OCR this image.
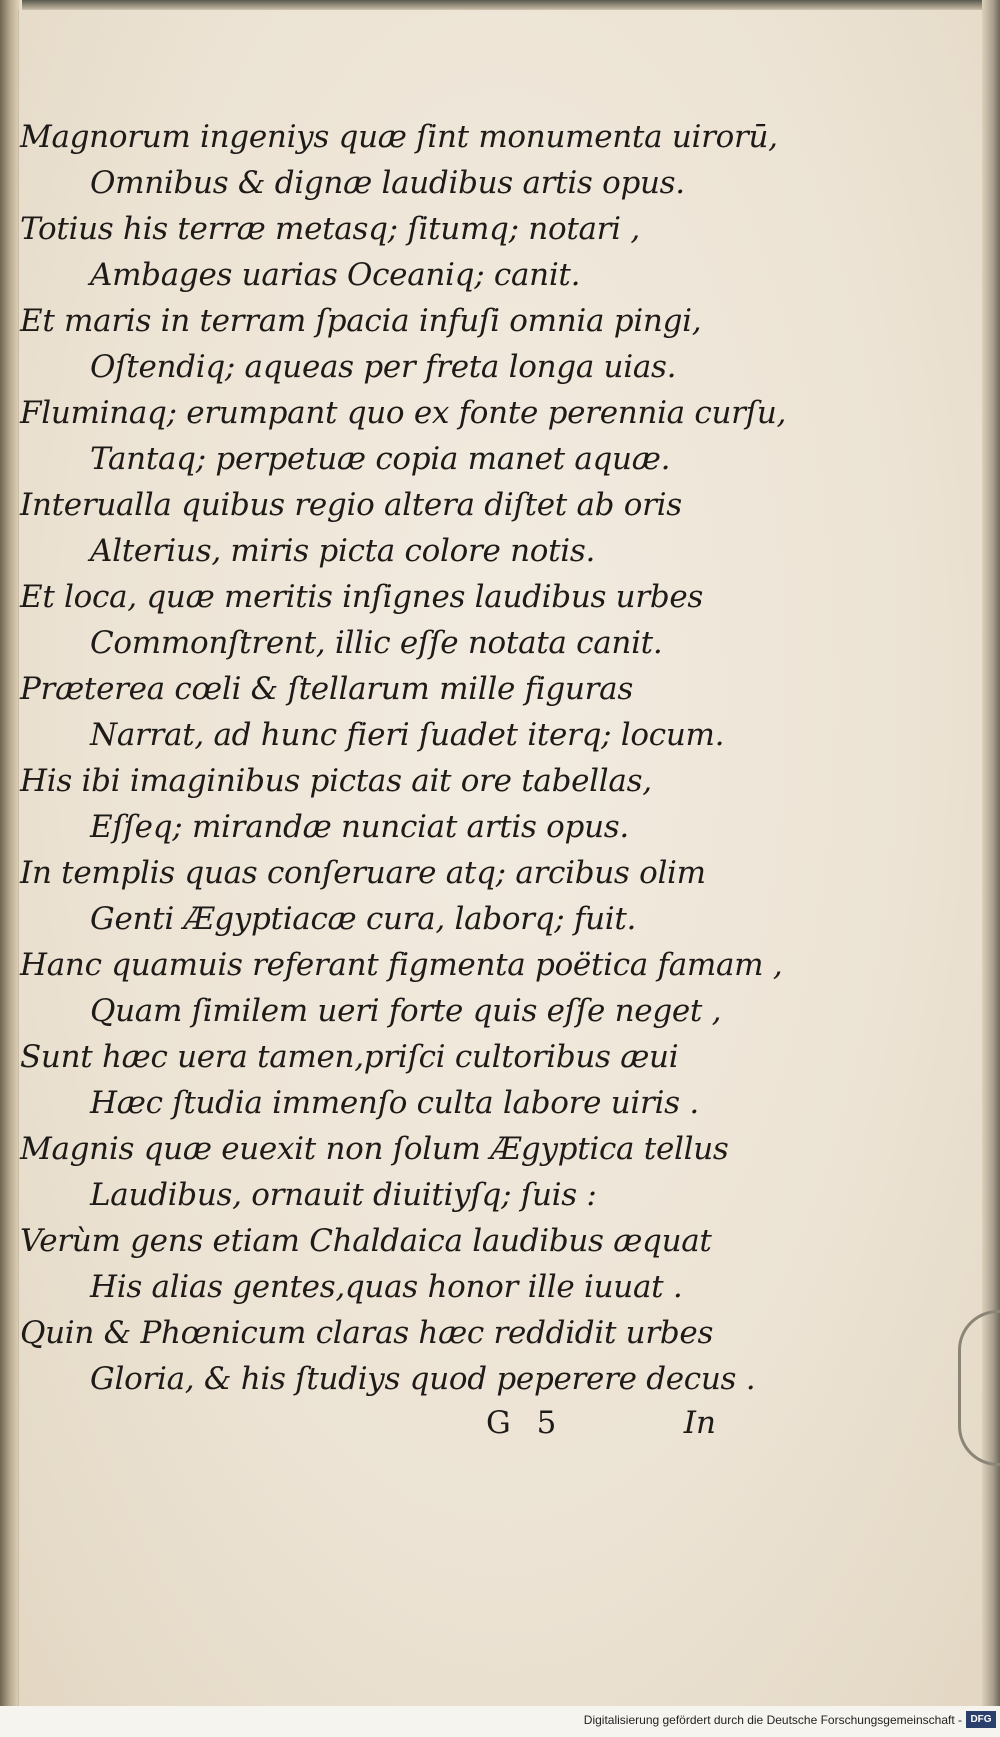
Magnorum ingeniys quæ ſint monumenta uirorū,
Omnibus & dignæ laudibus artis opus.
Totius his terræ metasq; ſitumq; notari ,
Ambages uarias Oceaniq; canit.
Et maris in terram ſpacia infuſi omnia pingi,
Oſtendiq; aqueas per freta longa uias.
Fluminaq; erumpant quo ex fonte perennia curſu,
Tantaq; perpetuæ copia manet aquæ.
Interualla quibus regio altera diſtet ab oris
Alterius, miris picta colore notis.
Et loca, quæ meritis inſignes laudibus urbes
Commonſtrent, illic eſſe notata canit.
Præterea cœli & ſtellarum mille figuras
Narrat, ad hunc fieri ſuadet iterq; locum.
His ibi imaginibus pictas ait ore tabellas,
Eſſeq; mirandæ nunciat artis opus.
In templis quas conſeruare atq; arcibus olim
Genti Ægyptiacæ cura, laborq; fuit.
Hanc quamuis referant figmenta poëtica famam ,
Quam ſimilem ueri forte quis eſſe neget ,
Sunt hæc uera tamen,priſci cultoribus æui
Hæc ſtudia immenſo culta labore uiris .
Magnis quæ euexit non ſolum Ægyptica tellus
Laudibus, ornauit diuitiyſq; ſuis :
Verùm gens etiam Chaldaica laudibus æquat
His alias gentes,quas honor ille iuuat .
Quin & Phœnicum claras hæc reddidit urbes
Gloria, & his ſtudiys quod peperere decus .
G 5	In
Digitalisierung gefördert durch die Deutsche Forschungsgemeinschaft - DFG
